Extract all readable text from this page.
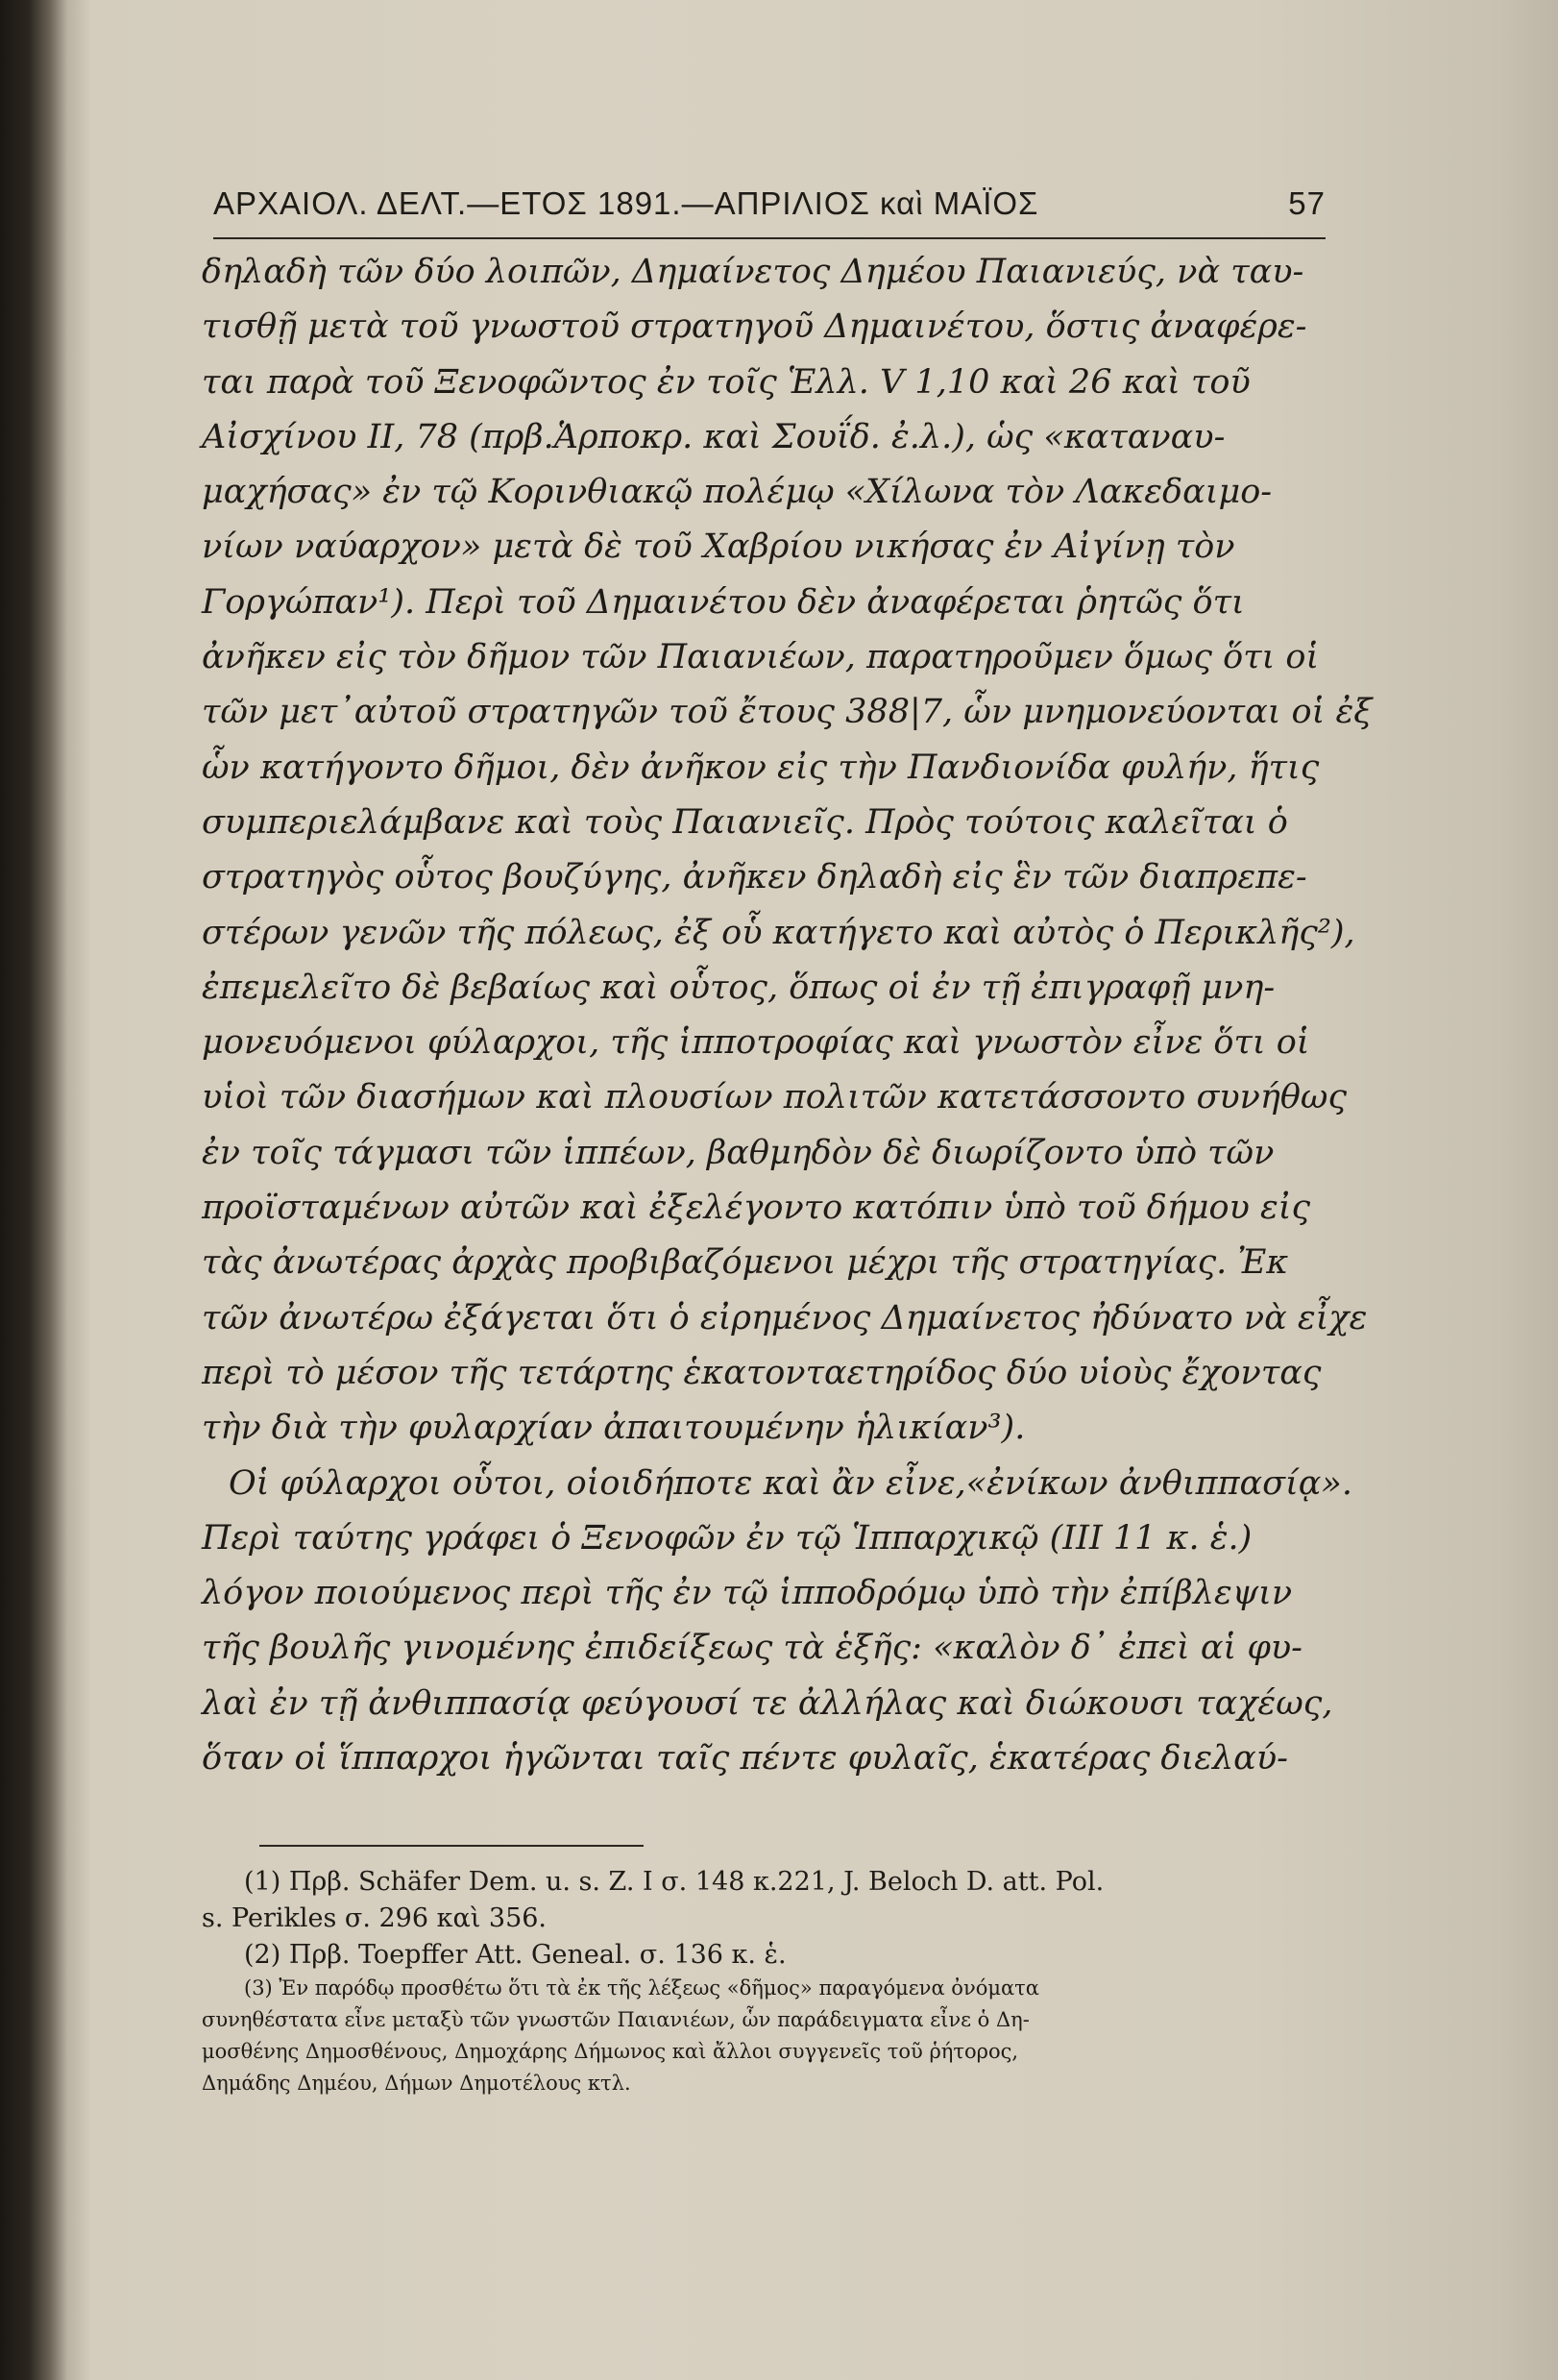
ΑΡΧΑΙΟΛ. ΔΕΛΤ.—ΕΤΟΣ 1891.—ΑΠΡΙΛΙΟΣ καὶ ΜΑΪΟΣ	57
δηλαδὴ τῶν δύο λοιπῶν, Δημαίνετος Δημέου Παιανιεύς, νὰ ταυ-
τισθῇ μετὰ τοῦ γνωστοῦ στρατηγοῦ Δημαινέτου, ὅστις ἀναφέρε-
ται παρὰ τοῦ Ξενοφῶντος ἐν τοῖς Ἑλλ. V 1,10 καὶ 26 καὶ τοῦ
Αἰσχίνου ΙΙ, 78 (πρβ.Ἁρποκρ. καὶ Σουΐδ. ἐ.λ.), ὡς «καταναυ-
μαχήσας» ἐν τῷ Κορινθιακῷ πολέμῳ «Χίλωνα τὸν Λακεδαιμο-
νίων ναύαρχον» μετὰ δὲ τοῦ Χαβρίου νικήσας ἐν Αἰγίνῃ τὸν
Γοργώπαν¹). Περὶ τοῦ Δημαινέτου δὲν ἀναφέρεται ῥητῶς ὅτι
ἀνῆκεν εἰς τὸν δῆμον τῶν Παιανιέων, παρατηροῦμεν ὅμως ὅτι οἱ
τῶν μετ᾽αὐτοῦ στρατηγῶν τοῦ ἔτους 388|7, ὧν μνημονεύονται οἱ ἐξ
ὧν κατήγοντο δῆμοι, δὲν ἀνῆκον εἰς τὴν Πανδιονίδα φυλήν, ἥτις
συμπεριελάμβανε καὶ τοὺς Παιανιεῖς. Πρὸς τούτοις καλεῖται ὁ
στρατηγὸς οὗτος βουζύγης, ἀνῆκεν δηλαδὴ εἰς ἓν τῶν διαπρεπε-
στέρων γενῶν τῆς πόλεως, ἐξ οὗ κατήγετο καὶ αὐτὸς ὁ Περικλῆς²),
ἐπεμελεῖτο δὲ βεβαίως καὶ οὗτος, ὅπως οἱ ἐν τῇ ἐπιγραφῇ μνη-
μονευόμενοι φύλαρχοι, τῆς ἱπποτροφίας καὶ γνωστὸν εἶνε ὅτι οἱ
υἱοὶ τῶν διασήμων καὶ πλουσίων πολιτῶν κατετάσσοντο συνήθως
ἐν τοῖς τάγμασι τῶν ἱππέων, βαθμηδὸν δὲ διωρίζοντο ὑπὸ τῶν
προϊσταμένων αὐτῶν καὶ ἐξελέγοντο κατόπιν ὑπὸ τοῦ δήμου εἰς
τὰς ἀνωτέρας ἀρχὰς προβιβαζόμενοι μέχρι τῆς στρατηγίας. Ἐκ
τῶν ἀνωτέρω ἐξάγεται ὅτι ὁ εἰρημένος Δημαίνετος ἠδύνατο νὰ εἶχε
περὶ τὸ μέσον τῆς τετάρτης ἑκατονταετηρίδος δύο υἱοὺς ἔχοντας
τὴν διὰ τὴν φυλαρχίαν ἀπαιτουμένην ἡλικίαν³).
Οἱ φύλαρχοι οὗτοι, οἱοιδήποτε καὶ ἂν εἶνε,«ἐνίκων ἀνθιππασίᾳ».
Περὶ ταύτης γράφει ὁ Ξενοφῶν ἐν τῷ Ἱππαρχικῷ (III 11 κ. ἑ.)
λόγον ποιούμενος περὶ τῆς ἐν τῷ ἱπποδρόμῳ ὑπὸ τὴν ἐπίβλεψιν
τῆς βουλῆς γινομένης ἐπιδείξεως τὰ ἑξῆς: «καλὸν δ᾽ ἐπεὶ αἱ φυ-
λαὶ ἐν τῇ ἀνθιππασίᾳ φεύγουσί τε ἀλλήλας καὶ διώκουσι ταχέως,
ὅταν οἱ ἵππαρχοι ἡγῶνται ταῖς πέντε φυλαῖς, ἑκατέρας διελαύ-
(1) Πρβ. Schäfer Dem. u. s. Z. I σ. 148 κ.221, J. Beloch D. att. Pol.
s. Perikles σ. 296 καὶ 356.
(2) Πρβ. Toepffer Att. Geneal. σ. 136 κ. ἑ.
(3) Ἐν παρόδῳ προσθέτω ὅτι τὰ ἐκ τῆς λέξεως «δῆμος» παραγόμενα ὀνόματα
συνηθέστατα εἶνε μεταξὺ τῶν γνωστῶν Παιανιέων, ὧν παράδειγματα εἶνε ὁ Δη-
μοσθένης Δημοσθένους, Δημοχάρης Δήμωνος καὶ ἄλλοι συγγενεῖς τοῦ ῥήτορος,
Δημάδης Δημέου, Δήμων Δημοτέλους κτλ.
